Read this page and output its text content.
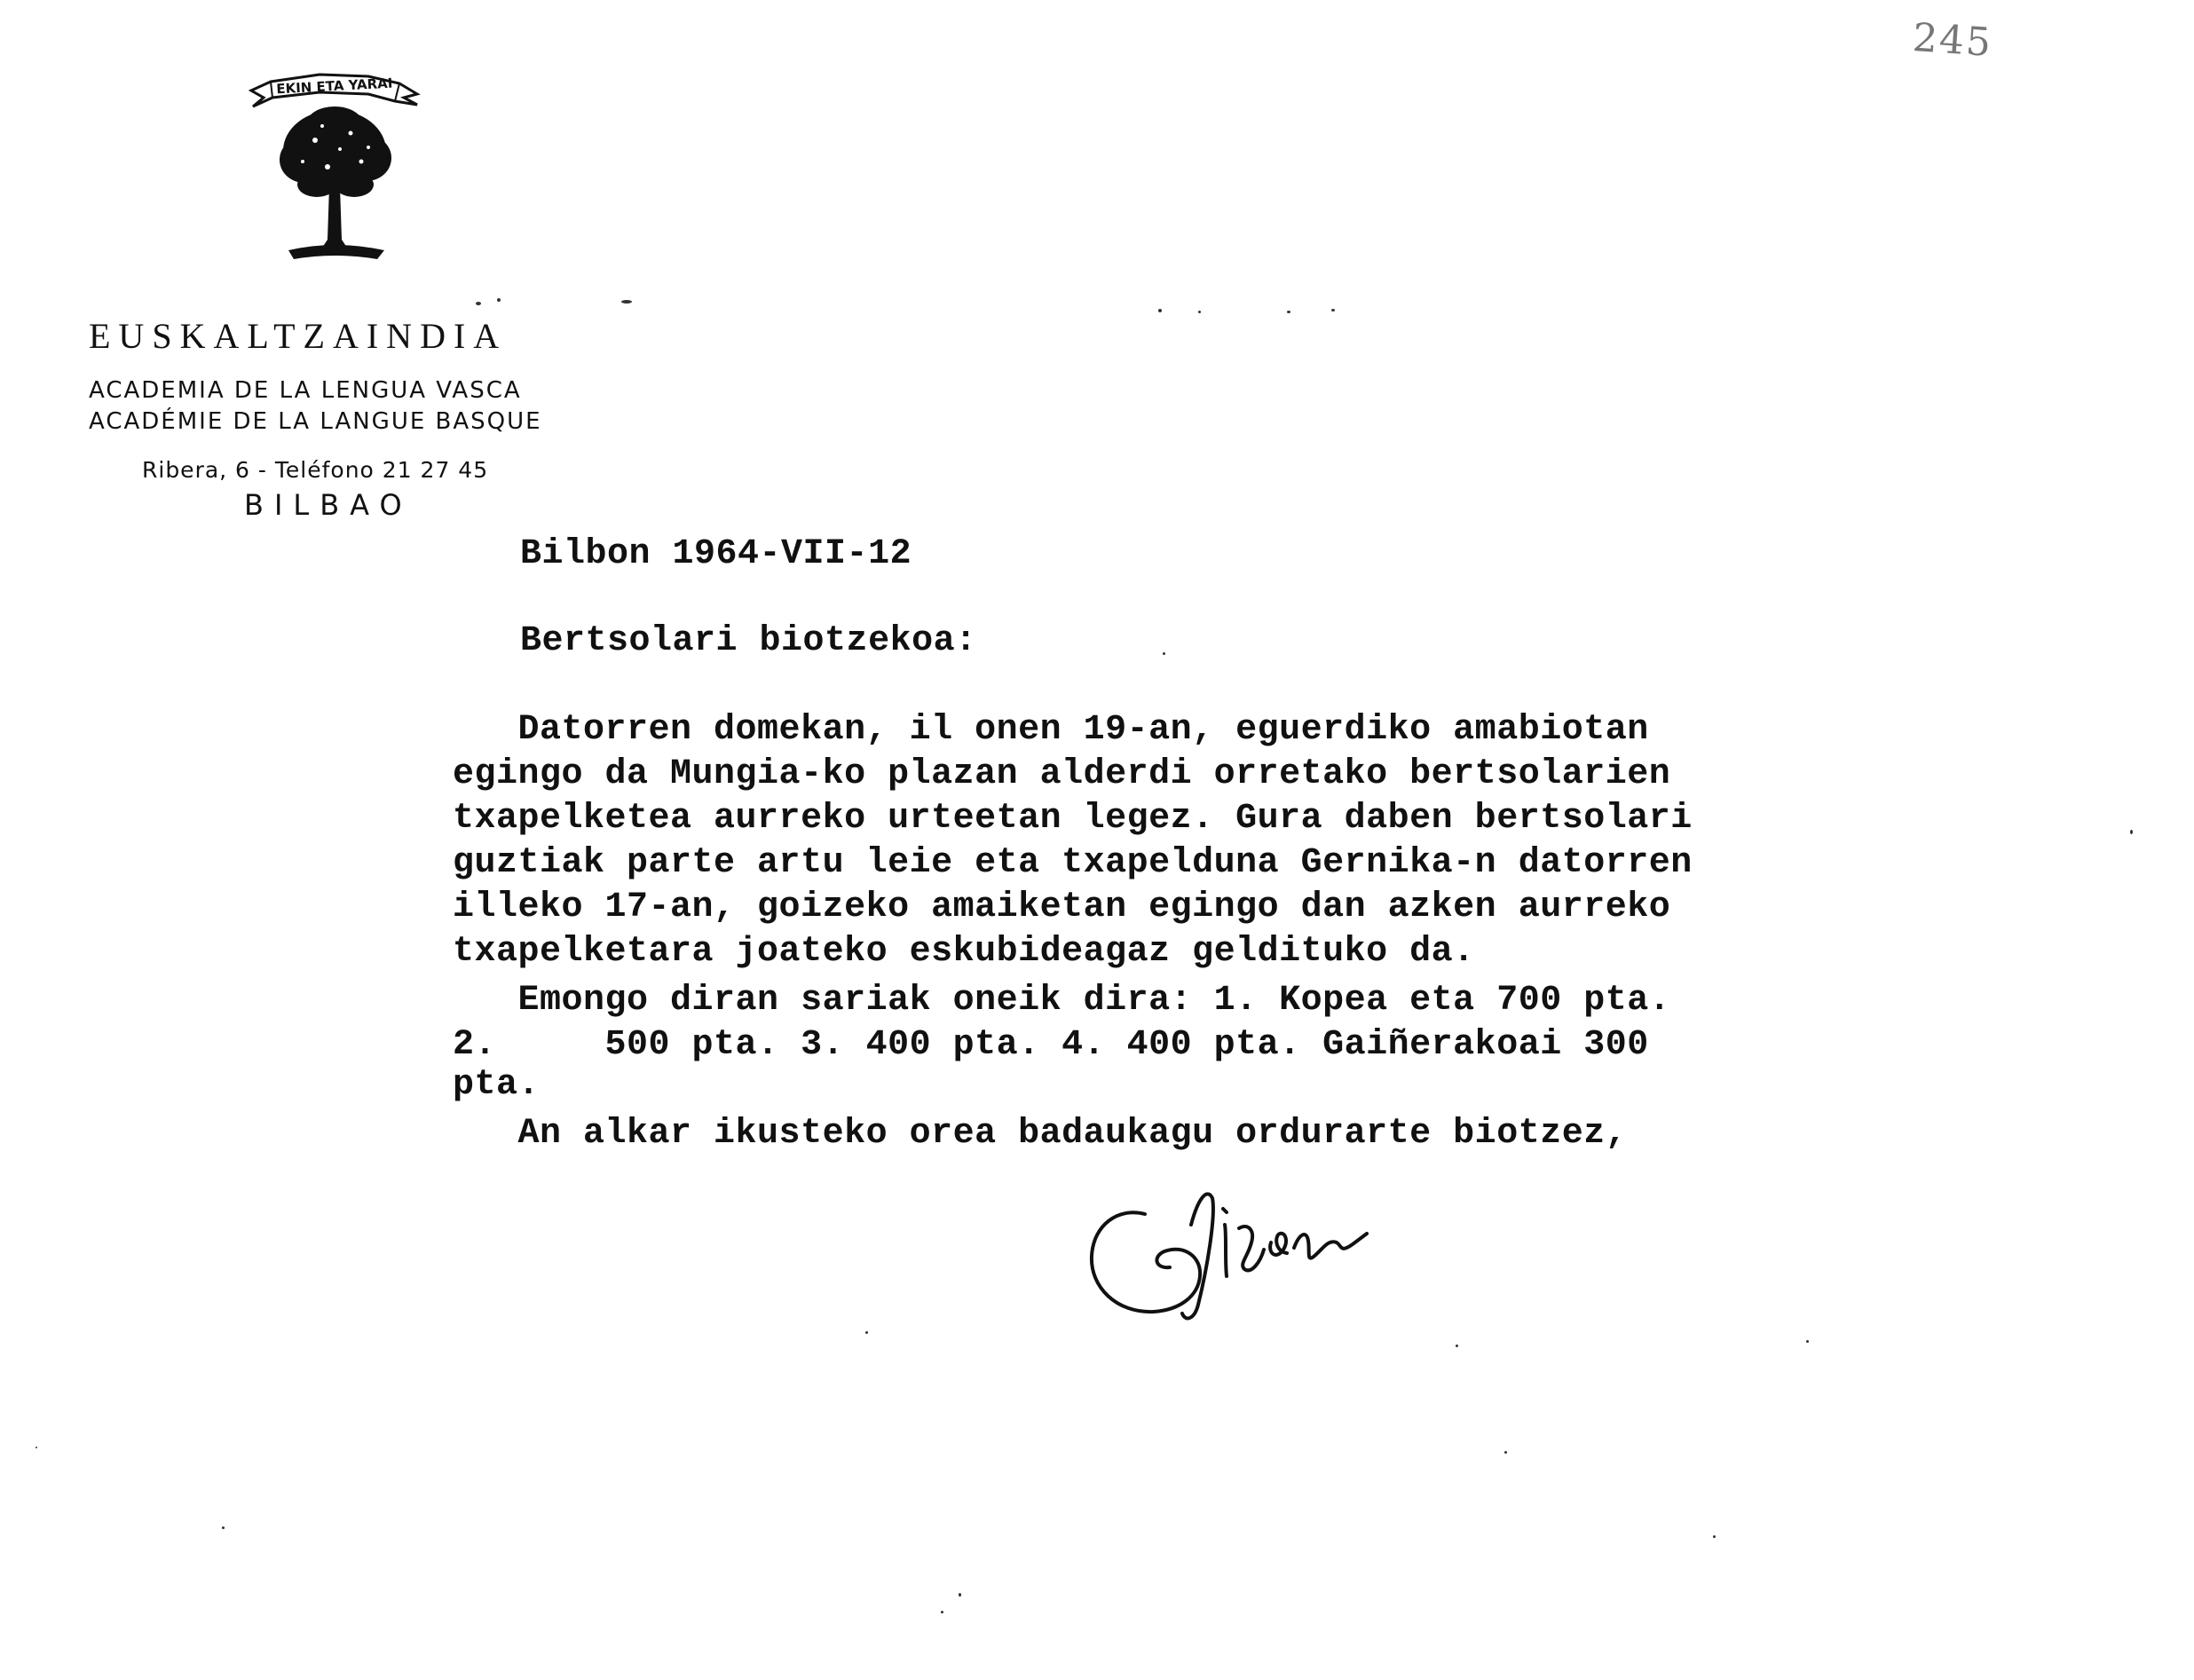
245
EKIN ETA YARAI
EUSKALTZAINDIA
ACADEMIA DE LA LENGUA VASCA
ACADÉMIE DE LA LANGUE BASQUE
Ribera, 6 - Teléfono 21 27 45
BILBAO
Bilbon 1964-VII-12
Bertsolari biotzekoa:
Datorren domekan, il onen 19-an, eguerdiko amabiotan
egingo da Mungia-ko plazan alderdi orretako bertsolarien
txapelketea aurreko urteetan legez. Gura daben bertsolari
guztiak parte artu leie eta txapelduna Gernika-n datorren
illeko 17-an, goizeko amaiketan egingo dan azken aurreko
txapelketara joateko eskubideagaz geldituko da.
Emongo diran sariak oneik dira: 1. Kopea eta 700 pta.
2.     500 pta. 3. 400 pta. 4. 400 pta. Gaiñerakoai 300
pta.
An alkar ikusteko orea badaukagu ordurarte biotzez,
